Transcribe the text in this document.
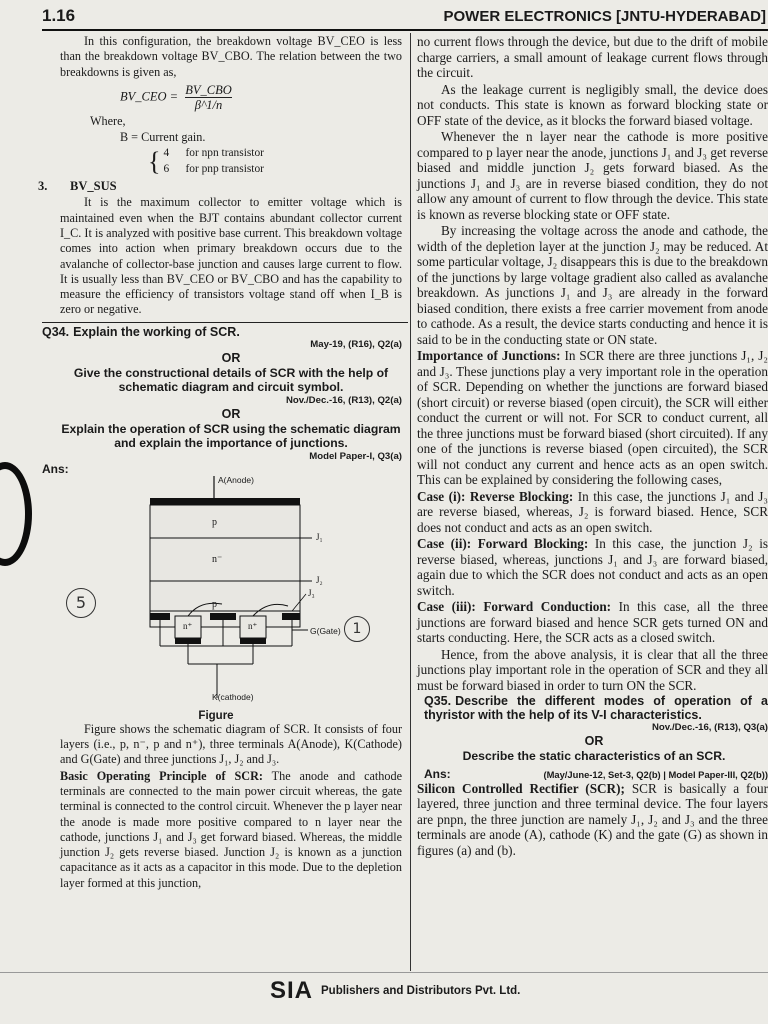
1.16	POWER ELECTRONICS [JNTU-HYDERABAD]

In this configuration, the breakdown voltage BV_CEO is less than the breakdown voltage BV_CBO. The relation between the two breakdowns is given as,

BV_CEO = $\frac{\text{BV\_CBO}}{\beta\^{}1/n}$

Where,

B = Current gain.

{ 4 for npn transistor
6 for pnp transistor

3. BV_SUS

It is the maximum collector to emitter voltage which is maintained even when the BJT contains abundant collector current I_C. It is analyzed with positive base current. This breakdown voltage comes into action when primary breakdown occurs due to the avalanche of collector-base junction and causes large current to flow. It is usually less than BV_CEO or BV_CBO and has the capability to measure the efficiency of transistors voltage stand off when I_B is zero or negative.

Q34. Explain the working of SCR.
May-19, (R16), Q2(a)
OR
Give the constructional details of SCR with the help of schematic diagram and circuit symbol.
Nov./Dec.-16, (R13), Q2(a)
OR
Explain the operation of SCR using the schematic diagram and explain the importance of junctions.
Model Paper-I, Q3(a)
Ans:
A(Anode)
p
n⁻
J₁
J₂
J₃
p
n⁺	n⁺	G(Gate)
K(cathode)
Figure

Figure shows the schematic diagram of SCR. It consists of four layers (i.e., p, n⁻, p and n⁺), three terminals A(Anode), K(Cathode) and G(Gate) and three junctions J₁, J₂ and J₃.

Basic Operating Principle of SCR: The anode and cathode terminals are connected to the main power circuit whereas, the gate terminal is connected to the control circuit. Whenever the p layer near the anode is made more positive compared to n layer near the cathode, junctions J₁ and J₃ get forward biased. Whereas, the middle junction J₂ gets reverse biased. Junction J₂ is known as a junction capacitance as it acts as a capacitor in this mode. Due to the depletion layer formed at this junction,

5
1

no current flows through the device, but due to the drift of mobile charge carriers, a small amount of leakage current flows through the circuit.

As the leakage current is negligibly small, the device does not conducts. This state is known as forward blocking state or OFF state of the device, as it blocks the forward biased voltage.

Whenever the n layer near the cathode is more positive compared to p layer near the anode, junctions J₁ and J₃ get reverse biased and middle junction J₂ gets forward biased. As the junctions J₁ and J₃ are in reverse biased condition, they do not allow any amount of current to flow through the device. This state is known as reverse blocking state or OFF state.

By increasing the voltage across the anode and cathode, the width of the depletion layer at the junction J₂ may be reduced. At some particular voltage, J₂ disappears this is due to the breakdown of the junctions by large voltage gradient also called as avalanche breakdown. As junctions J₁ and J₃ are already in the forward biased condition, there exists a free carrier movement from anode to cathode. As a result, the device starts conducting and hence it is said to be in the conducting state or ON state.

Importance of Junctions: In SCR there are three junctions J₁, J₂ and J₃. These junctions play a very important role in the operation of SCR. Depending on whether the junctions are forward biased (short circuit) or reverse biased (open circuit), the SCR will either conduct the current or will not. For SCR to conduct current, all the three junctions must be forward biased (short circuited). If any one of the junctions is reverse biased (open circuited), the SCR will not conduct any current and hence acts as an open switch. This can be explained by considering the following cases,

Case (i): Reverse Blocking: In this case, the junctions J₁ and J₃ are reverse biased, whereas, J₂ is forward biased. Hence, SCR does not conduct and acts as an open switch.

Case (ii): Forward Blocking: In this case, the junction J₂ is reverse biased, whereas, junctions J₁ and J₃ are forward biased, again due to which the SCR does not conduct and acts as an open switch.

Case (iii): Forward Conduction: In this case, all the three junctions are forward biased and hence SCR gets turned ON and starts conducting. Here, the SCR acts as a closed switch.

Hence, from the above analysis, it is clear that all the three junctions play important role in the operation of SCR and they all must be forward biased in order to turn ON the SCR.

Q35. Describe the different modes of operation of a thyristor with the help of its V-I characteristics.
Nov./Dec.-16, (R13), Q3(a)
OR
Describe the static characteristics of an SCR.
Ans:	(May/June-12, Set-3, Q2(b) | Model Paper-III, Q2(b))

Silicon Controlled Rectifier (SCR); SCR is basically a four layered, three junction and three terminal device. The four layers are pnpn, the three junction are namely J₁, J₂ and J₃ and the three terminals are anode (A), cathode (K) and the gate (G) as shown in figures (a) and (b).

SIA Publishers and Distributors Pvt. Ltd.
